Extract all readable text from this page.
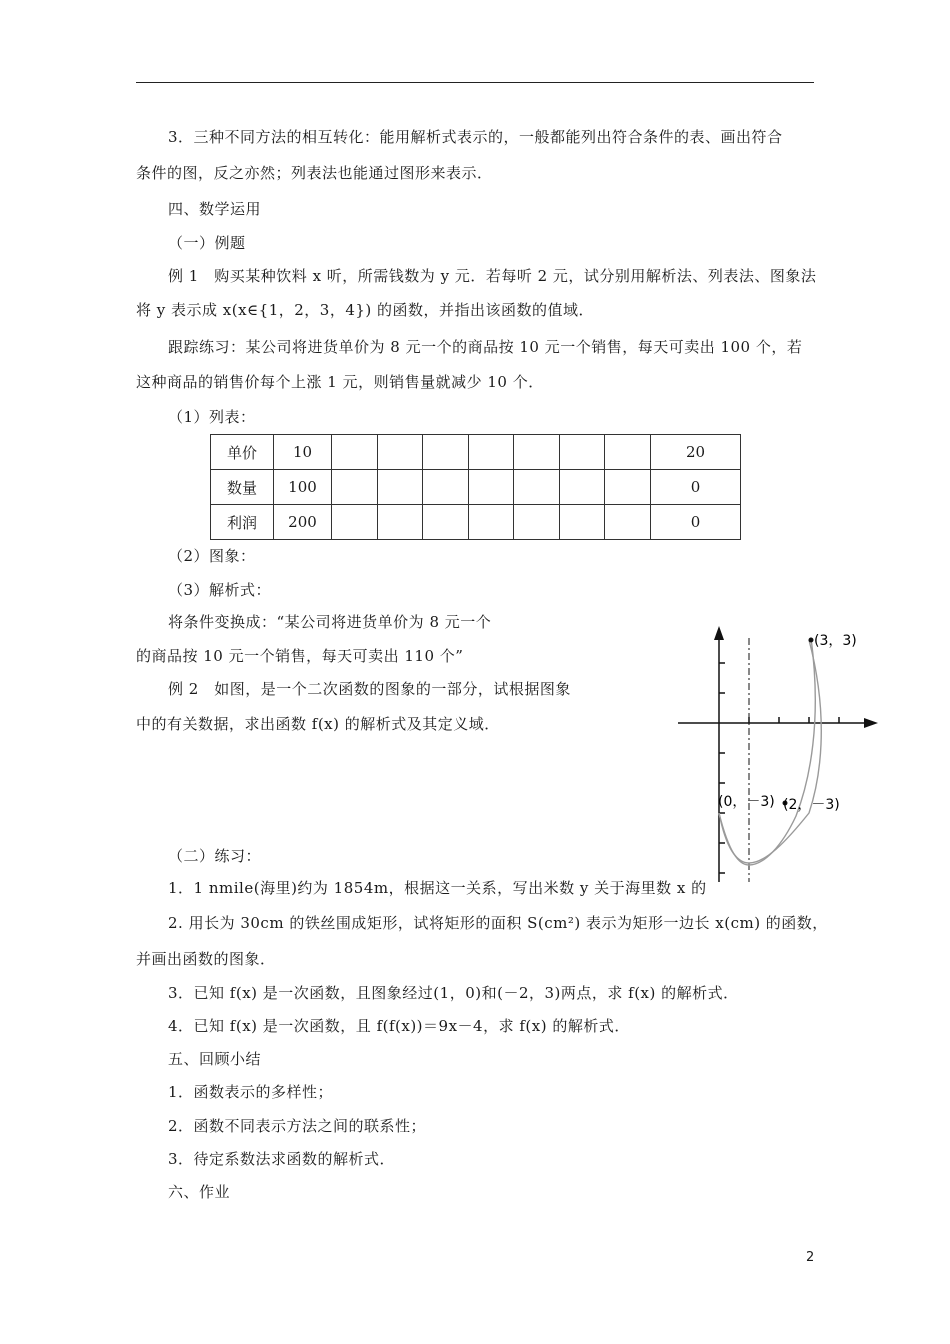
3．三种不同方法的相互转化：能用解析式表示的，一般都能列出符合条件的表、画出符合
条件的图，反之亦然；列表法也能通过图形来表示．
四、数学运用
（一）例题
例 1　购买某种饮料 x 听，所需钱数为 y 元．若每听 2 元，试分别用解析法、列表法、图象法
将 y 表示成 x(x∈{1，2，3，4}) 的函数，并指出该函数的值域．
跟踪练习：某公司将进货单价为 8 元一个的商品按 10 元一个销售，每天可卖出 100 个，若
这种商品的销售价每个上涨 1 元，则销售量就减少 10 个．
（1）列表：
（2）图象：
（3）解析式：
将条件变换成：“某公司将进货单价为 8 元一个
的商品按 10 元一个销售，每天可卖出 110 个”
例 2　如图，是一个二次函数的图象的一部分，试根据图象
中的有关数据，求出函数 f(x) 的解析式及其定义域．
（二）练习：
1．1 nmile(海里)约为 1854m，根据这一关系，写出米数 y 关于海里数 x 的
2. 用长为 30cm 的铁丝围成矩形，试将矩形的面积 S(cm²) 表示为矩形一边长 x(cm) 的函数，
并画出函数的图象．
3．已知 f(x) 是一次函数，且图象经过(1，0)和(－2，3)两点，求 f(x) 的解析式．
4．已知 f(x) 是一次函数，且 f(f(x))＝9x－4，求 f(x) 的解析式．
五、回顾小结
1．函数表示的多样性；
2．函数不同表示方法之间的联系性；
3．待定系数法求函数的解析式．
六、作业
单价	10								20
数量	100								0
利润	200								0
(3，3)
(0，－3) (2，－3)
2
